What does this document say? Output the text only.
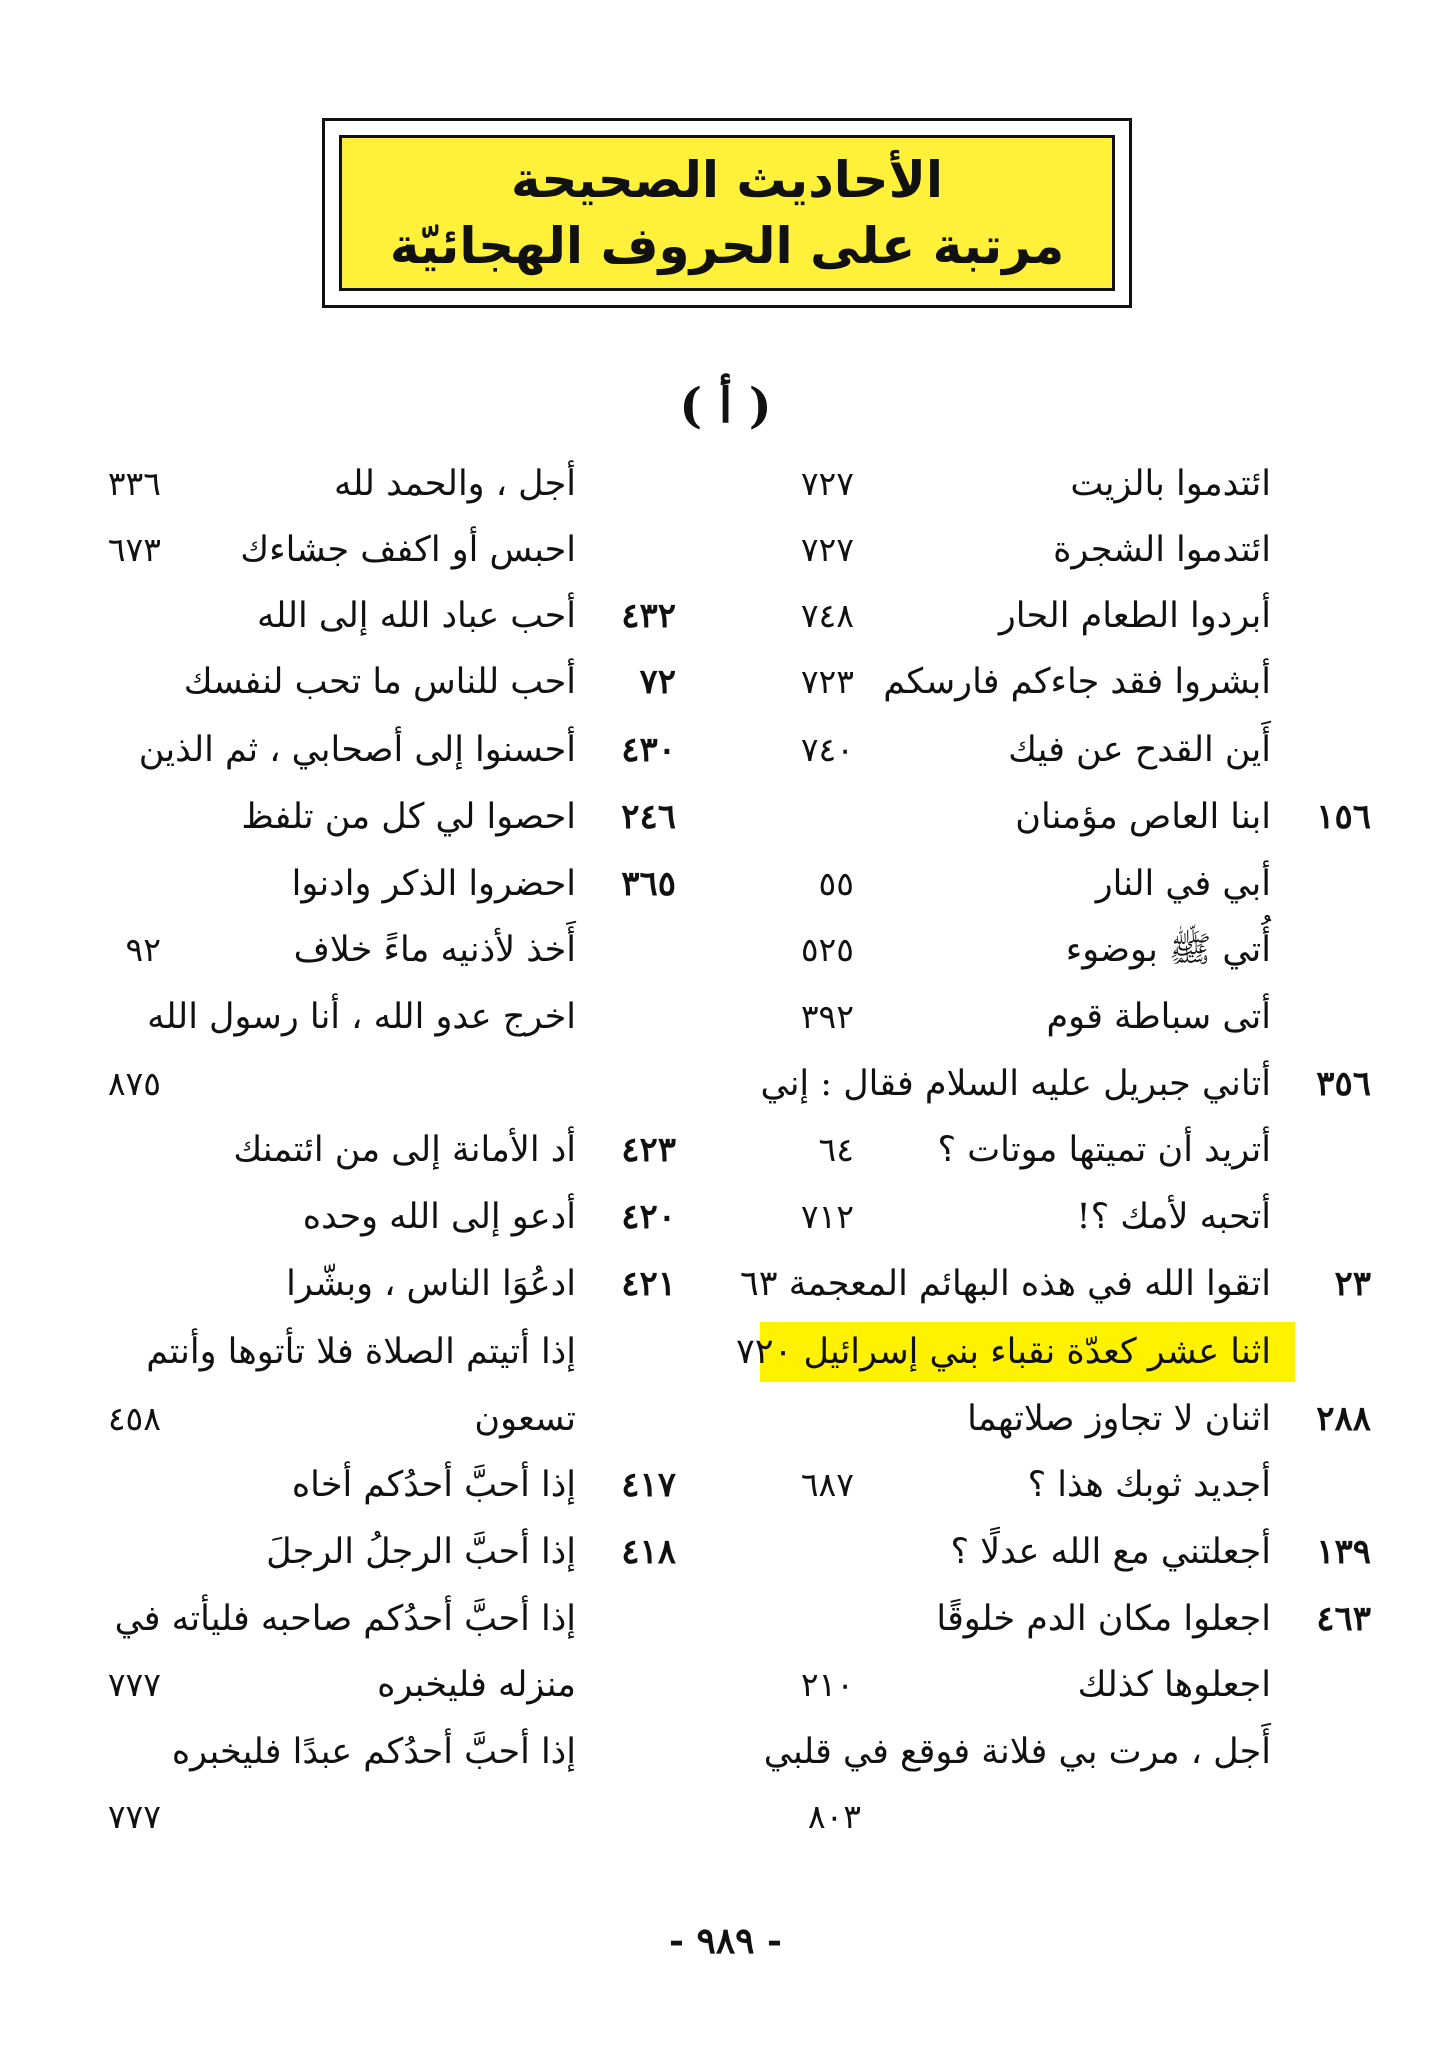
الأحاديث الصحيحة
مرتبة على الحروف الهجائيّة
( أ )
ائتدموا بالزيت
٧٢٧
ائتدموا الشجرة
٧٢٧
أبردوا الطعام الحار
٧٤٨
أبشروا فقد جاءكم فارسكم
٧٢٣
أَين القدح عن فيك
٧٤٠
١٥٦
ابنا العاص مؤمنان
أبي في النار
٥٥
أُتي ﷺ بوضوء
٥٢٥
أتى سباطة قوم
٣٩٢
٣٥٦
أتاني جبريل عليه السلام فقال : إني
أتريد أن تميتها موتات ؟
٦٤
أتحبه لأمك ؟!
٧١٢
٢٣
اتقوا الله في هذه البهائم المعجمة ٦٣
اثنا عشر كعدّة نقباء بني إسرائيل ٧٢٠
٢٨٨
اثنان لا تجاوز صلاتهما
أجديد ثوبك هذا ؟
٦٨٧
١٣٩
أجعلتني مع الله عدلًا ؟
٤٦٣
اجعلوا مكان الدم خلوقًا
اجعلوها كذلك
٢١٠
أَجل ، مرت بي فلانة فوقع في قلبي
٨٠٣
أجل ، والحمد لله
٣٣٦
احبس أو اكفف جشاءك
٦٧٣
٤٣٢
أحب عباد الله إلى الله
٧٢
أحب للناس ما تحب لنفسك
٤٣٠
أحسنوا إلى أصحابي ، ثم الذين
٢٤٦
احصوا لي كل من تلفظ
٣٦٥
احضروا الذكر وادنوا
أَخذ لأذنيه ماءً خلاف
٩٢
اخرج عدو الله ، أنا رسول الله
٨٧٥
٤٢٣
أد الأمانة إلى من ائتمنك
٤٢٠
أدعو إلى الله وحده
٤٢١
ادعُوَا الناس ، وبشّرا
إذا أتيتم الصلاة فلا تأتوها وأنتم
تسعون
٤٥٨
٤١٧
إذا أحبَّ أحدُكم أخاه
٤١٨
إذا أحبَّ الرجلُ الرجلَ
إذا أحبَّ أحدُكم صاحبه فليأته في
منزله فليخبره
٧٧٧
إذا أحبَّ أحدُكم عبدًا فليخبره
٧٧٧
- ٩٨٩ -
